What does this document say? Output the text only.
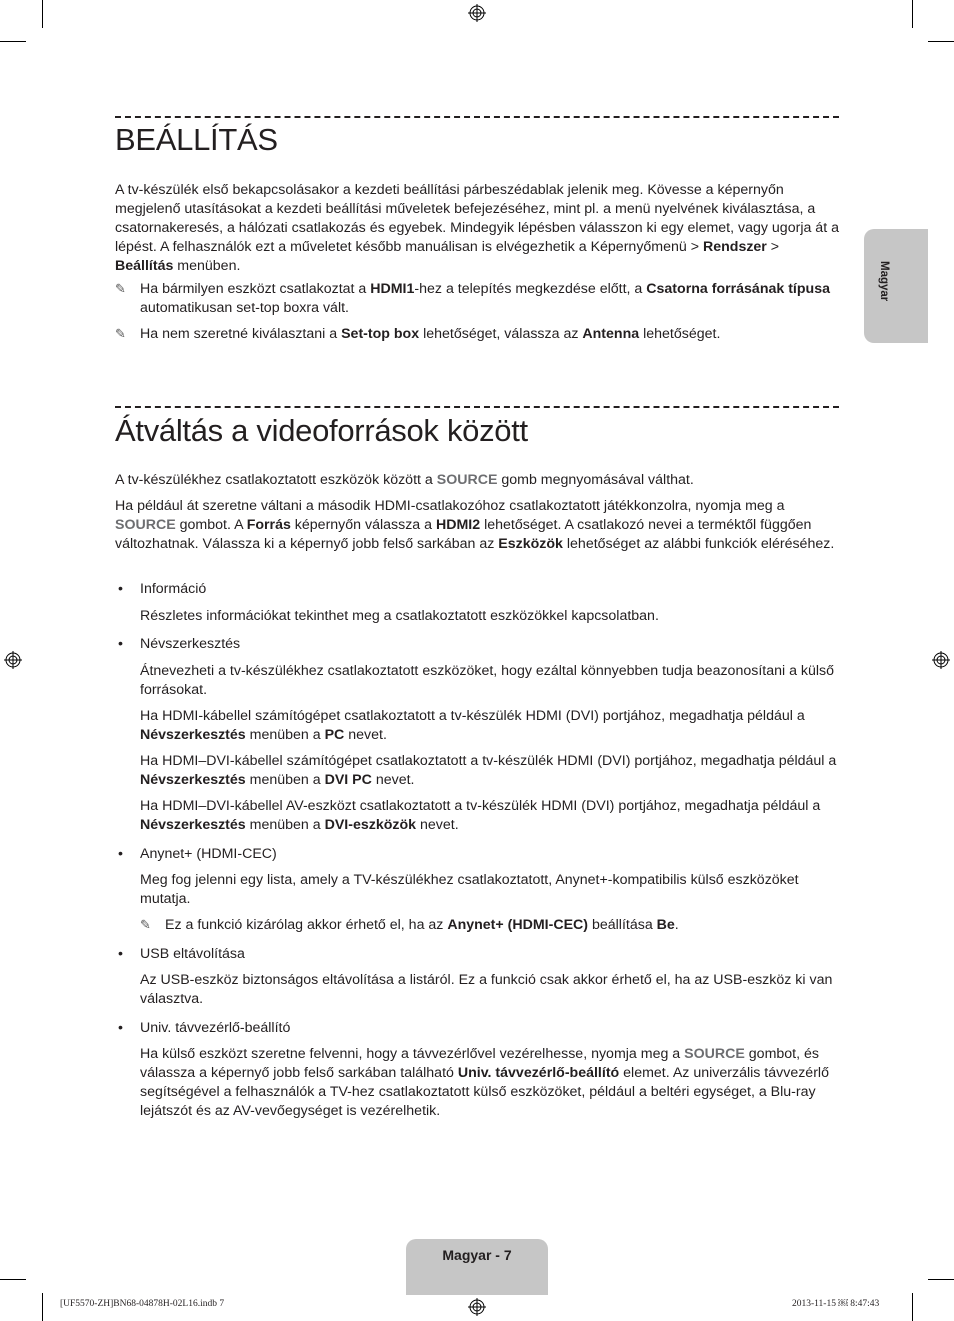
Magyar
BEÁLLÍTÁS

A tv-készülék első bekapcsolásakor a kezdeti beállítási párbeszédablak jelenik meg. Kövesse a képernyőn megjelenő utasításokat a kezdeti beállítási műveletek befejezéséhez, mint pl. a menü nyelvének kiválasztása, a csatornakeresés, a hálózati csatlakozás és egyebek. Mindegyik lépésben válasszon ki egy elemet, vagy ugorja át a lépést. A felhasználók ezt a műveletet később manuálisan is elvégezhetik a Képernyőmenü > Rendszer > Beállítás menüben.

✎ Ha bármilyen eszközt csatlakoztat a HDMI1-hez a telepítés megkezdése előtt, a Csatorna forrásának típusa automatikusan set-top boxra vált.

✎ Ha nem szeretné kiválasztani a Set-top box lehetőséget, válassza az Antenna lehetőséget.

Átváltás a videoforrások között

A tv-készülékhez csatlakoztatott eszközök között a SOURCE gomb megnyomásával válthat.

Ha például át szeretne váltani a második HDMI-csatlakozóhoz csatlakoztatott játékkonzolra, nyomja meg a SOURCE gombot. A Forrás képernyőn válassza a HDMI2 lehetőséget. A csatlakozó nevei a terméktől függően változhatnak. Válassza ki a képernyő jobb felső sarkában az Eszközök lehetőséget az alábbi funkciók eléréséhez.

• Információ

Részletes információkat tekinthet meg a csatlakoztatott eszközökkel kapcsolatban.

• Névszerkesztés

Átnevezheti a tv-készülékhez csatlakoztatott eszközöket, hogy ezáltal könnyebben tudja beazonosítani a külső forrásokat.

Ha HDMI-kábellel számítógépet csatlakoztatott a tv-készülék HDMI (DVI) portjához, megadhatja például a Névszerkesztés menüben a PC nevet.

Ha HDMI–DVI-kábellel számítógépet csatlakoztatott a tv-készülék HDMI (DVI) portjához, megadhatja például a Névszerkesztés menüben a DVI PC nevet.

Ha HDMI–DVI-kábellel AV-eszközt csatlakoztatott a tv-készülék HDMI (DVI) portjához, megadhatja például a Névszerkesztés menüben a DVI-eszközök nevet.

• Anynet+ (HDMI-CEC)

Meg fog jelenni egy lista, amely a TV-készülékhez csatlakoztatott, Anynet+-kompatibilis külső eszközöket mutatja.

✎ Ez a funkció kizárólag akkor érhető el, ha az Anynet+ (HDMI-CEC) beállítása Be.

• USB eltávolítása

Az USB-eszköz biztonságos eltávolítása a listáról. Ez a funkció csak akkor érhető el, ha az USB-eszköz ki van választva.

• Univ. távvezérlő-beállító

Ha külső eszközt szeretne felvenni, hogy a távvezérlővel vezérelhesse, nyomja meg a SOURCE gombot, és válassza a képernyő jobb felső sarkában található Univ. távvezérlő-beállító elemet. Az univerzális távvezérlő segítségével a felhasználók a TV-hez csatlakoztatott külső eszközöket, például a beltéri egységet, a Blu-ray lejátszót és az AV-vevőegységet is vezérelhetik.

Magyar - 7
[UF5570-ZH]BN68-04878H-02L16.indb 7	2013-11-15 ￼ 8:47:43
